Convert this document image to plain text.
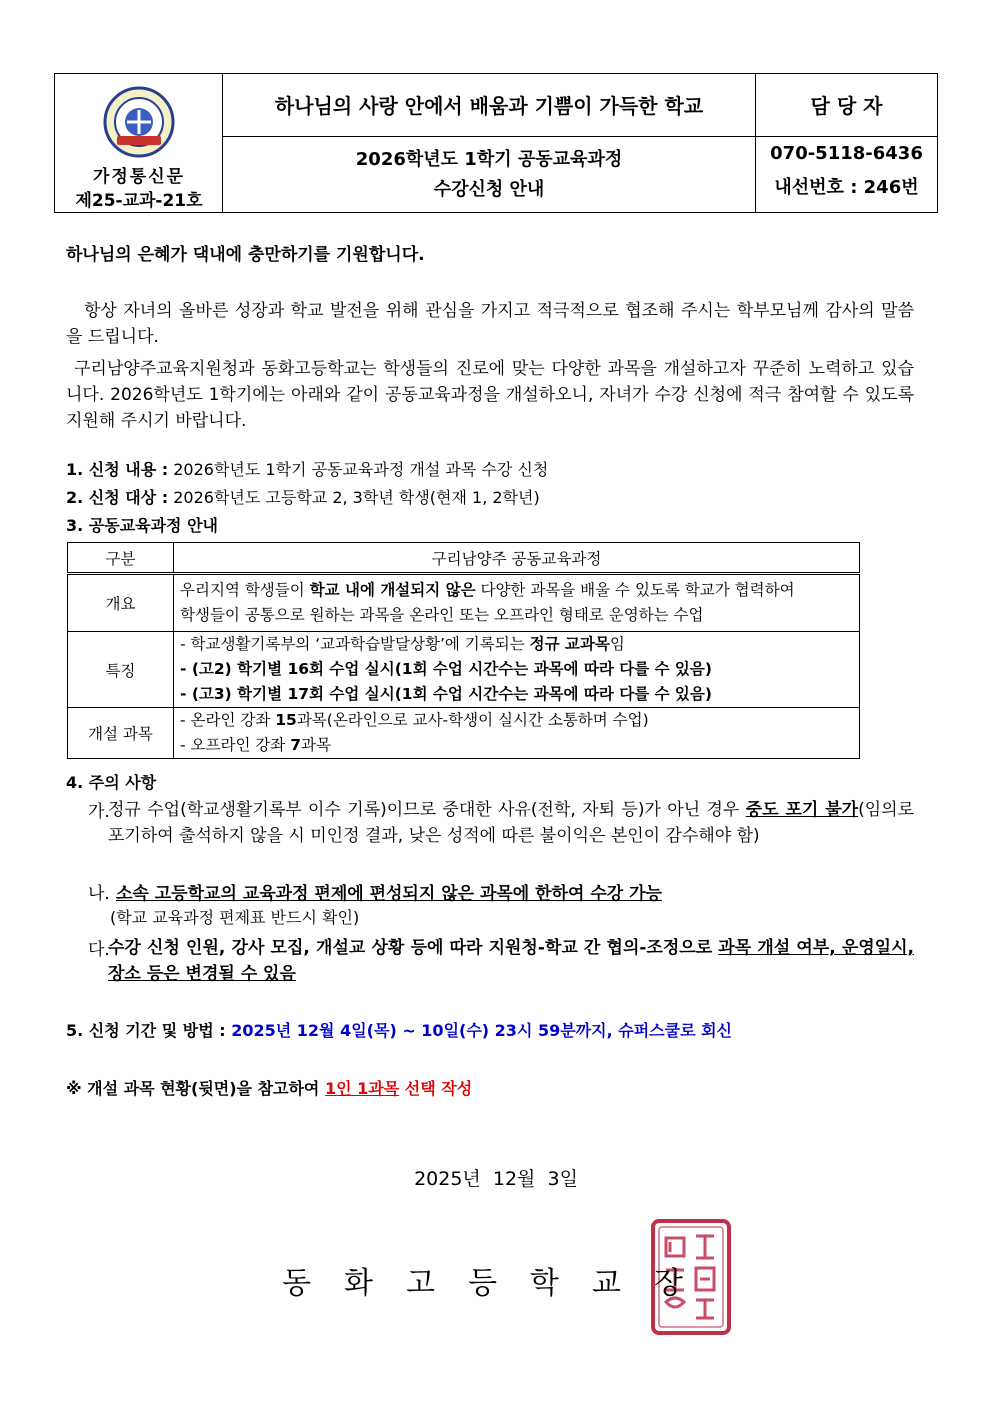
가정통신문
제25-교과-21호
하나님의 사랑 안에서 배움과 기쁨이 가득한 학교
2026학년도 1학기 공동교육과정
수강신청 안내
담 당 자
070-5118-6436
내선번호 : 246번
하나님의 은혜가 댁내에 충만하기를 기원합니다.
항상 자녀의 올바른 성장과 학교 발전을 위해 관심을 가지고 적극적으로 협조해 주시는 학부모님께 감사의 말씀을 드립니다.
구리남양주교육지원청과 동화고등학교는 학생들의 진로에 맞는 다양한 과목을 개설하고자 꾸준히 노력하고 있습니다. 2026학년도 1학기에는 아래와 같이 공동교육과정을 개설하오니, 자녀가 수강 신청에 적극 참여할 수 있도록 지원해 주시기 바랍니다.
1. 신청 내용 : 2026학년도 1학기 공동교육과정 개설 과목 수강 신청
2. 신청 대상 : 2026학년도 고등학교 2, 3학년 학생(현재 1, 2학년)
3. 공동교육과정 안내
구분	구리남양주 공동교육과정
개요	우리지역 학생들이 학교 내에 개설되지 않은 다양한 과목을 배울 수 있도록 학교가 협력하여
학생들이 공통으로 원하는 과목을 온라인 또는 오프라인 형태로 운영하는 수업

특징	- 학교생활기록부의 ‘교과학습발달상황’에 기록되는 정규 교과목임
- (고2) 학기별 16회 수업 실시(1회 수업 시간수는 과목에 따라 다를 수 있음)
- (고3) 학기별 17회 수업 실시(1회 수업 시간수는 과목에 따라 다를 수 있음)

개설 과목	- 온라인 강좌 15과목(온라인으로 교사-학생이 실시간 소통하며 수업)
- 오프라인 강좌 7과목
4. 주의 사항
가.
정규 수업(학교생활기록부 이수 기록)이므로 중대한 사유(전학, 자퇴 등)가 아닌 경우 중도 포기 불가(임의로 포기하여 출석하지 않을 시 미인정 결과, 낮은 성적에 따른 불이익은 본인이 감수해야 함)
나. 소속 고등학교의 교육과정 편제에 편성되지 않은 과목에 한하여 수강 가능
(학교 교육과정 편제표 반드시 확인)
다.
수강 신청 인원, 강사 모집, 개설교 상황 등에 따라 지원청-학교 간 협의-조정으로 과목 개설 여부, 운영일시, 장소 등은 변경될 수 있음
5. 신청 기간 및 방법 : 2025년 12월 4일(목) ~ 10일(수) 23시 59분까지, 슈퍼스쿨로 회신
※ 개설 과목 현황(뒷면)을 참고하여 1인 1과목 선택 작성
2025년  12월  3일
동화고등학교장
